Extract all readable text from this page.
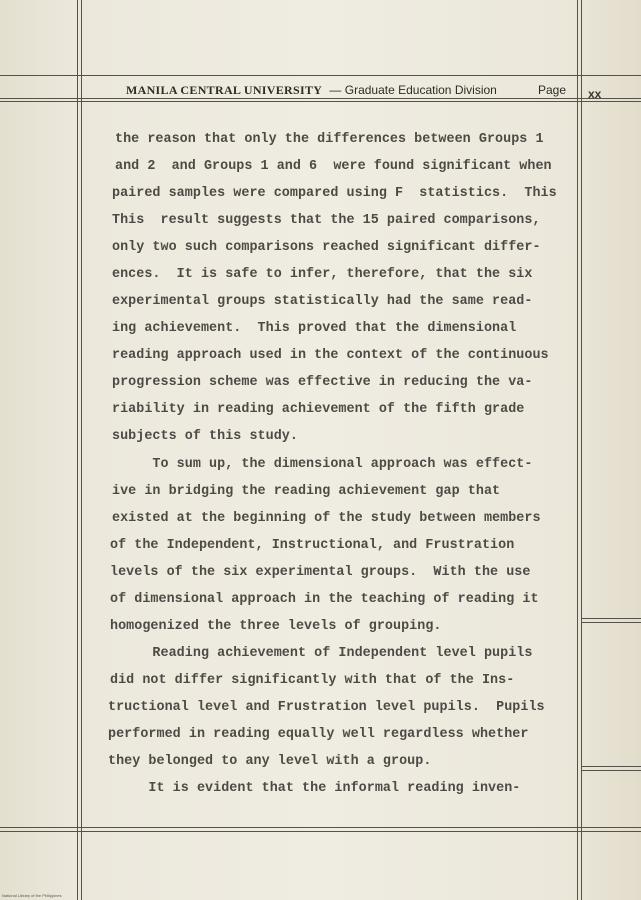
MANILA CENTRAL UNIVERSITY — Graduate Education Division	Page xx
the reason that only the differences between Groups 1
and 2  and Groups 1 and 6  were found significant when
paired samples were compared using F  statistics.  This
This  result suggests that the 15 paired comparisons,
only two such comparisons reached significant differ-
ences.  It is safe to infer, therefore, that the six
experimental groups statistically had the same read-
ing achievement.  This proved that the dimensional
reading approach used in the context of the continuous
progression scheme was effective in reducing the va-
riability in reading achievement of the fifth grade
subjects of this study.
To sum up, the dimensional approach was effect-
ive in bridging the reading achievement gap that
existed at the beginning of the study between members
of the Independent, Instructional, and Frustration
levels of the six experimental groups.  With the use
of dimensional approach in the teaching of reading it
homogenized the three levels of grouping.
Reading achievement of Independent level pupils
did not differ significantly with that of the Ins-
tructional level and Frustration level pupils.  Pupils
performed in reading equally well regardless whether
they belonged to any level with a group.
It is evident that the informal reading inven-
National Library of the Philippines
